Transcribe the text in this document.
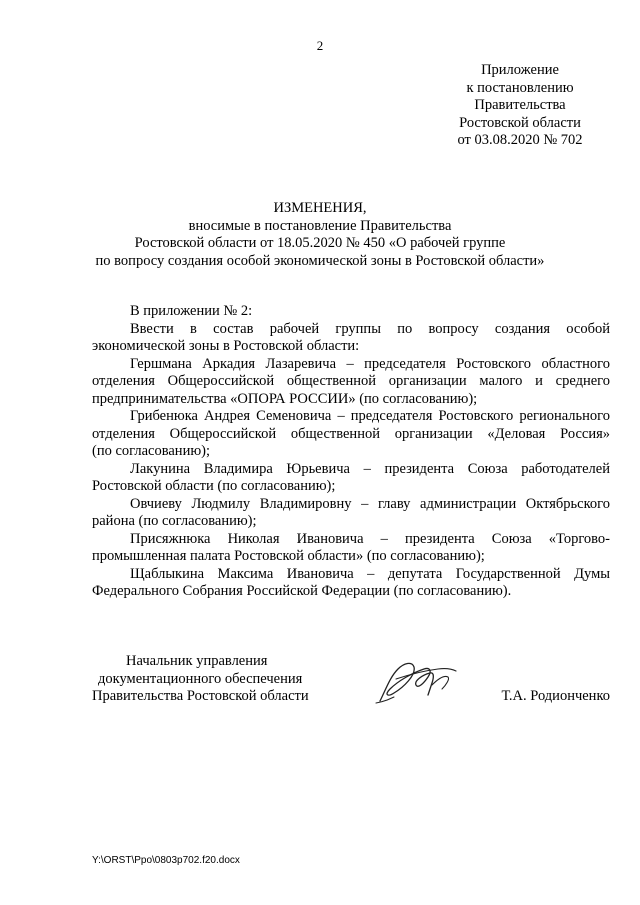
2
Приложение
к постановлению
Правительства
Ростовской области
от 03.08.2020 № 702
ИЗМЕНЕНИЯ,
вносимые в постановление Правительства
Ростовской области от 18.05.2020 № 450 «О рабочей группе
по вопросу создания особой экономической зоны в Ростовской области»
В приложении № 2:
Ввести в состав рабочей группы по вопросу создания особой
экономической зоны в Ростовской области:
Гершмана Аркадия Лазаревича – председателя Ростовского областного
отделения Общероссийской общественной организации малого и среднего
предпринимательства «ОПОРА РОССИИ» (по согласованию);
Грибенюка Андрея Семеновича – председателя Ростовского регионального
отделения Общероссийской общественной организации «Деловая Россия»
(по согласованию);
Лакунина Владимира Юрьевича – президента Союза работодателей
Ростовской области (по согласованию);
Овчиеву Людмилу Владимировну – главу администрации Октябрьского
района (по согласованию);
Присяжнюка Николая Ивановича – президента Союза «Торгово-
промышленная палата Ростовской области» (по согласованию);
Щаблыкина Максима Ивановича – депутата Государственной Думы
Федерального Собрания Российской Федерации (по согласованию).
Начальник управления
документационного обеспечения
Правительства Ростовской области	Т.А. Родионченко
Y:\ORST\Ppo\0803p702.f20.docx
